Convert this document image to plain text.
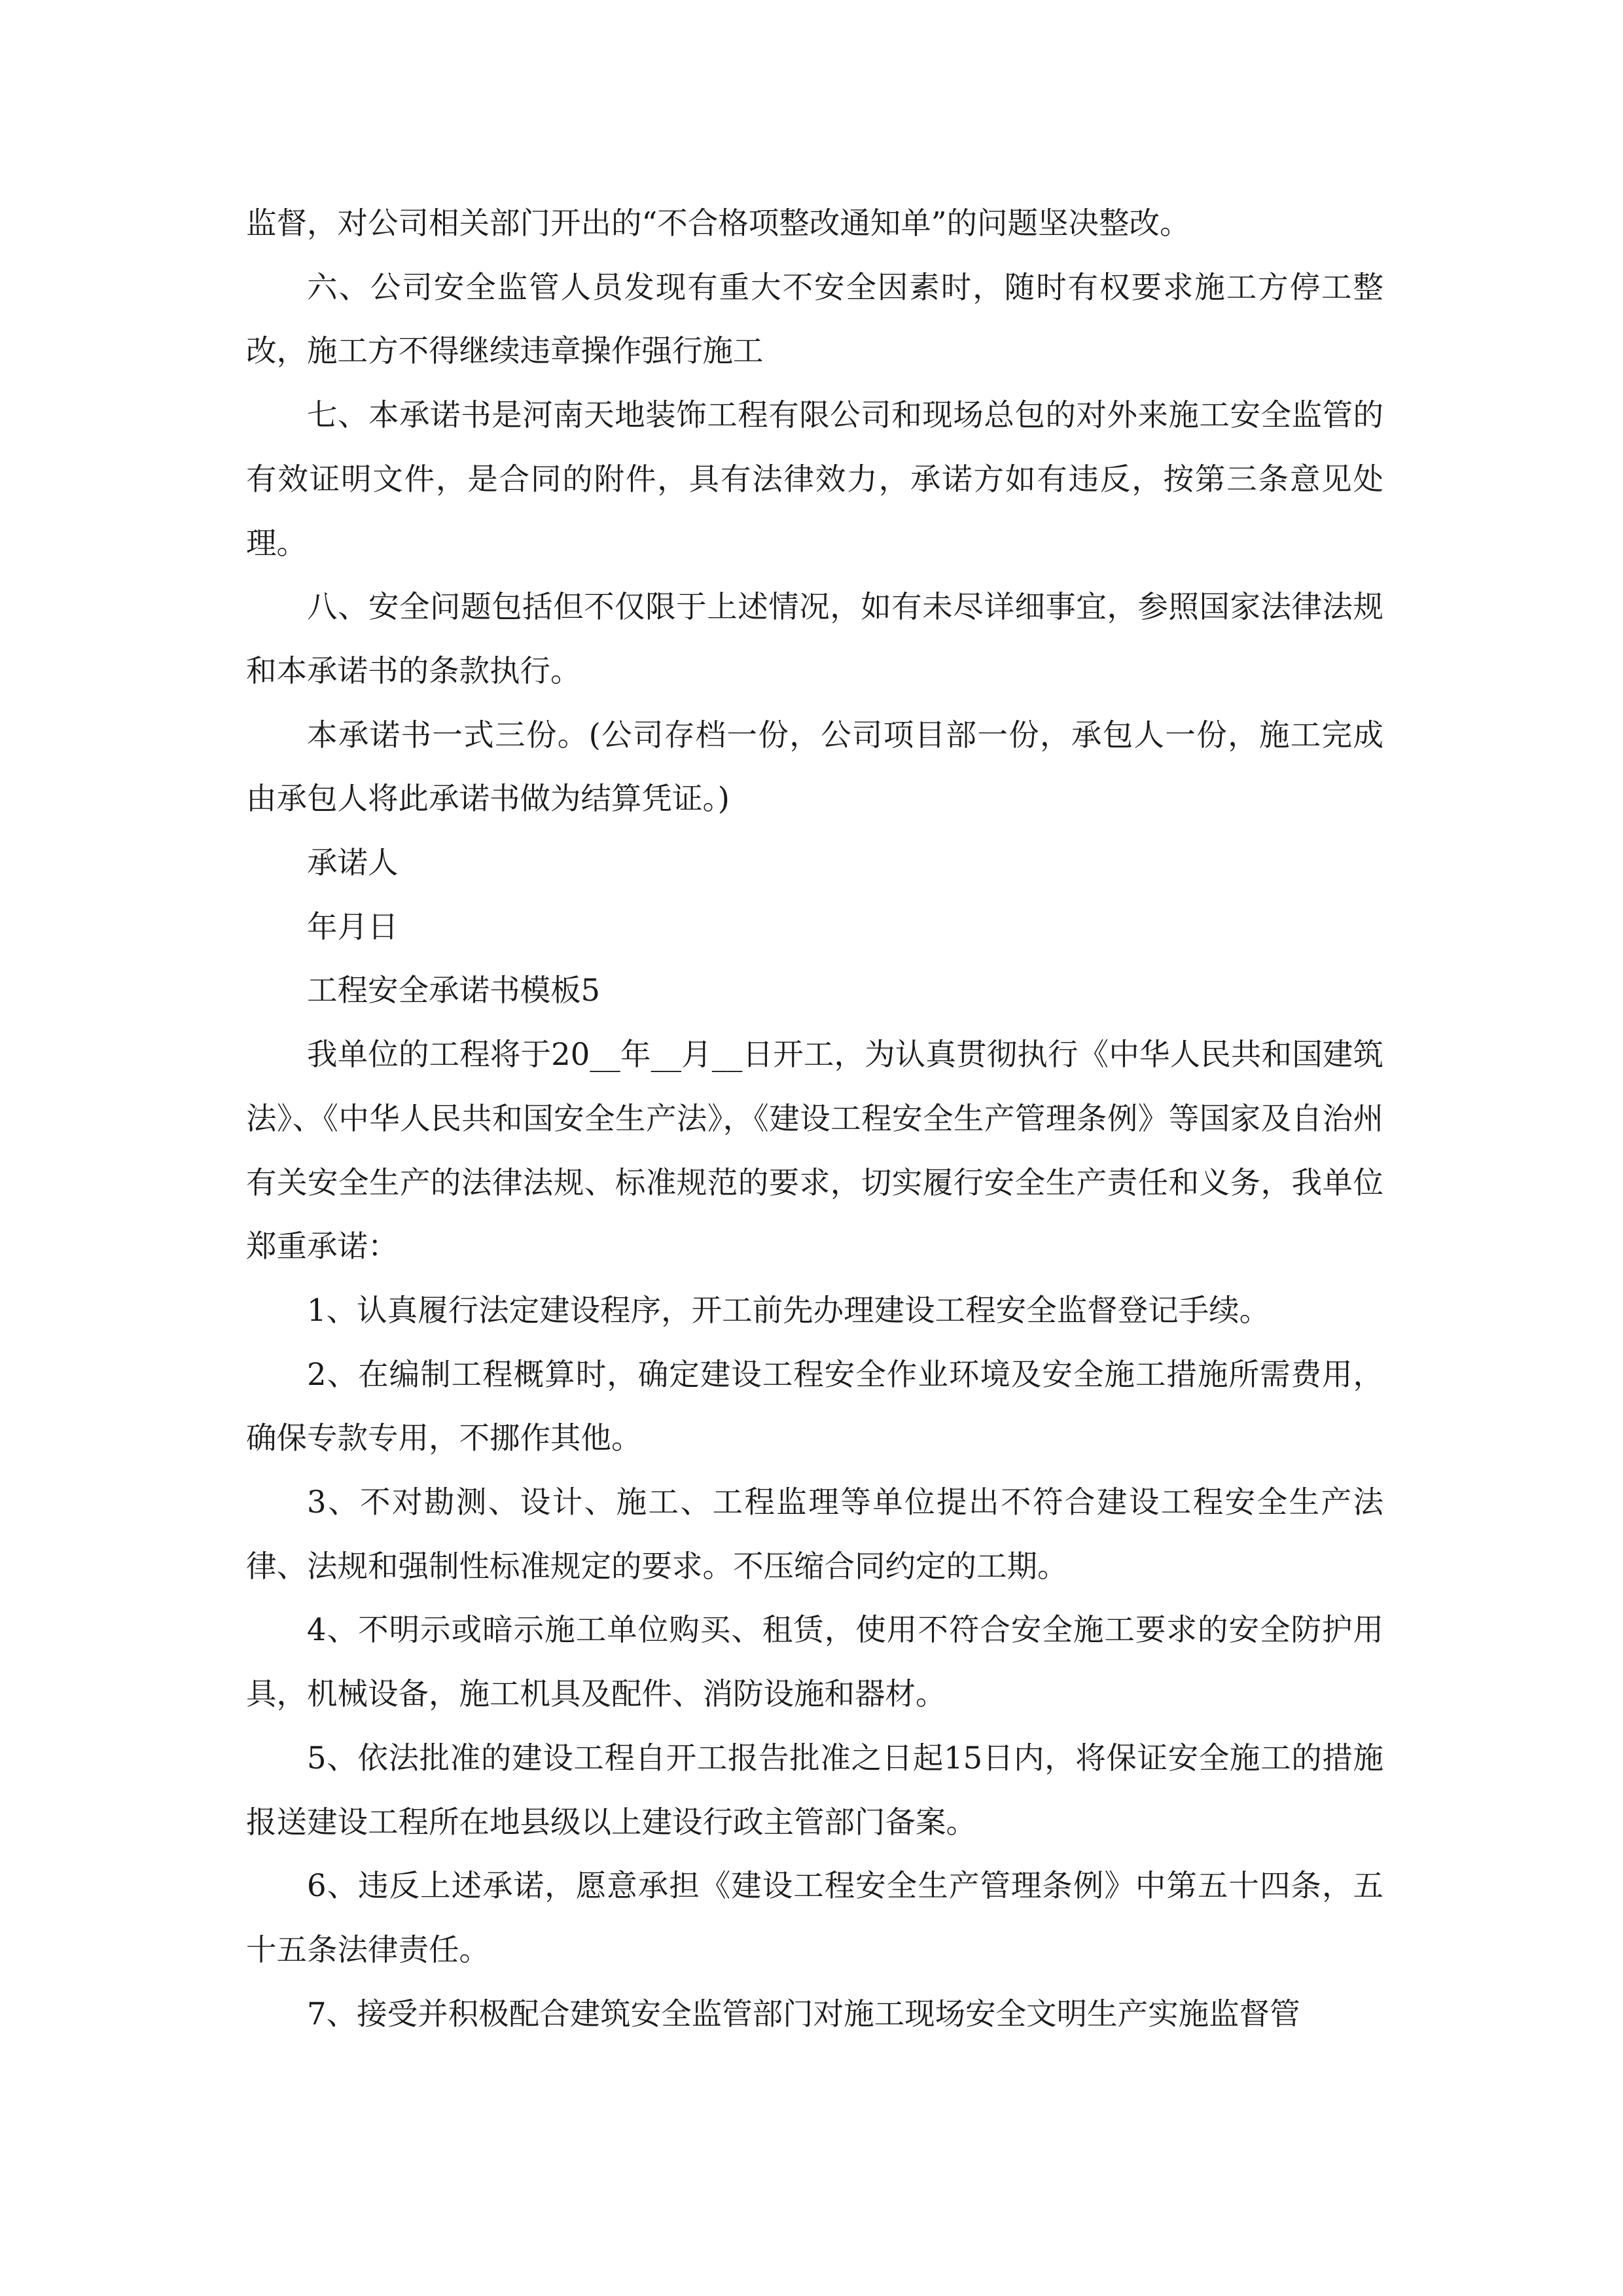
监督，对公司相关部门开出的“不合格项整改通知单”的问题坚决整改。

六、公司安全监管人员发现有重大不安全因素时，随时有权要求施工方停工整改，施工方不得继续违章操作强行施工

七、本承诺书是河南天地装饰工程有限公司和现场总包的对外来施工安全监管的有效证明文件，是合同的附件，具有法律效力，承诺方如有违反，按第三条意见处理。

八、安全问题包括但不仅限于上述情况，如有未尽详细事宜，参照国家法律法规和本承诺书的条款执行。

本承诺书一式三份。(公司存档一份，公司项目部一份，承包人一份，施工完成由承包人将此承诺书做为结算凭证。)

承诺人

年月日

工程安全承诺书模板5

我单位的工程将于20__年__月__日开工，为认真贯彻执行《中华人民共和国建筑法》、《中华人民共和国安全生产法》，《建设工程安全生产管理条例》等国家及自治州有关安全生产的法律法规、标准规范的要求，切实履行安全生产责任和义务，我单位郑重承诺：

1、认真履行法定建设程序，开工前先办理建设工程安全监督登记手续。

2、在编制工程概算时，确定建设工程安全作业环境及安全施工措施所需费用，确保专款专用，不挪作其他。

3、不对勘测、设计、施工、工程监理等单位提出不符合建设工程安全生产法律、法规和强制性标准规定的要求。不压缩合同约定的工期。

4、不明示或暗示施工单位购买、租赁，使用不符合安全施工要求的安全防护用具，机械设备，施工机具及配件、消防设施和器材。

5、依法批准的建设工程自开工报告批准之日起15日内，将保证安全施工的措施报送建设工程所在地县级以上建设行政主管部门备案。

6、违反上述承诺，愿意承担《建设工程安全生产管理条例》中第五十四条，五十五条法律责任。

7、接受并积极配合建筑安全监管部门对施工现场安全文明生产实施监督管
